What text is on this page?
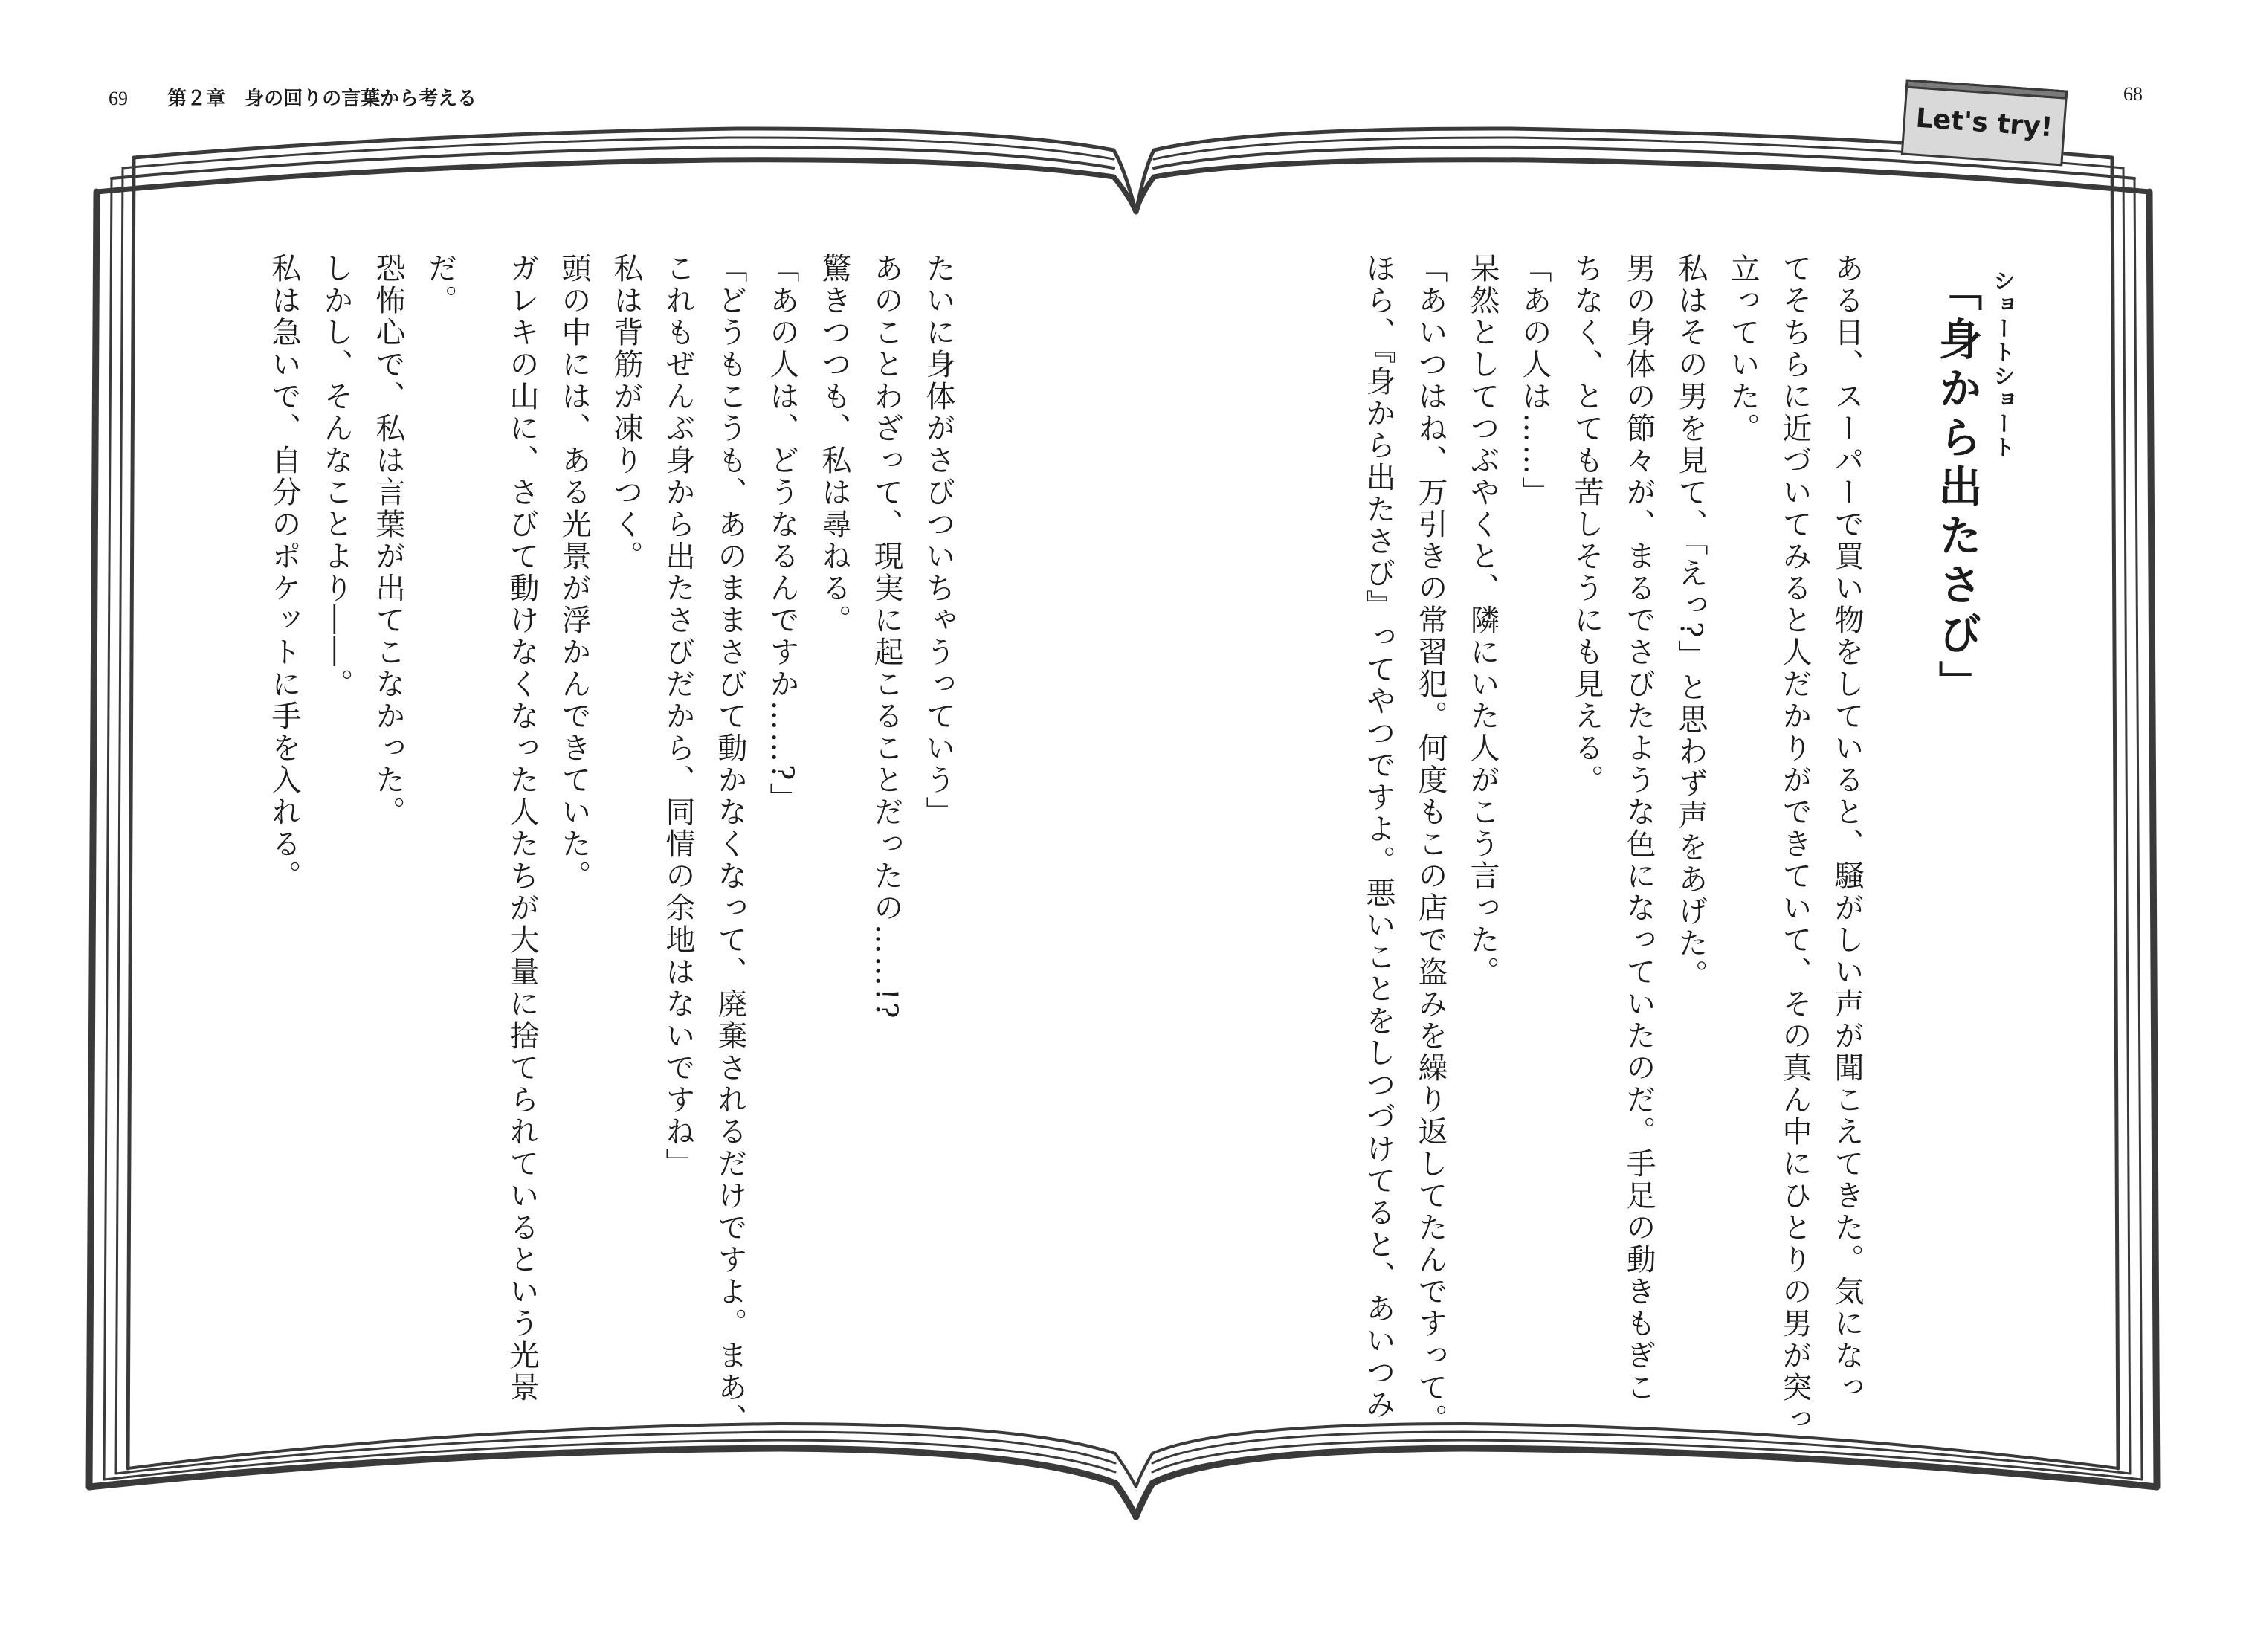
69 第２章　身の回りの言葉から考える	68
Let's try!
ショートショート
「身から出たさび」
ある日、スーパーで買い物をしていると、騒がしい声が聞こえてきた。気になっ
てそちらに近づいてみると人だかりができていて、その真ん中にひとりの男が突っ
立っていた。
私はその男を見て、「えっ?」と思わず声をあげた。
男の身体の節々が、まるでさびたような色になっていたのだ。手足の動きもぎこ
ちなく、とても苦しそうにも見える。
「あの人は……」
呆然としてつぶやくと、隣にいた人がこう言った。
「あいつはね、万引きの常習犯。何度もこの店で盗みを繰り返してたんですって。
ほら、『身から出たさび』ってやつですよ。悪いことをしつづけてると、あいつみ
たいに身体がさびついちゃうっていう」
あのことわざって、現実に起こることだったの……!?
驚きつつも、私は尋ねる。
「あの人は、どうなるんですか……?」
「どうもこうも、あのままさびて動かなくなって、廃棄されるだけですよ。まあ、
これもぜんぶ身から出たさびだから、同情の余地はないですね」
私は背筋が凍りつく。
頭の中には、ある光景が浮かんできていた。
ガレキの山に、さびて動けなくなった人たちが大量に捨てられているという光景
だ。
恐怖心で、私は言葉が出てこなかった。
しかし、そんなことより――。
私は急いで、自分のポケットに手を入れる。
